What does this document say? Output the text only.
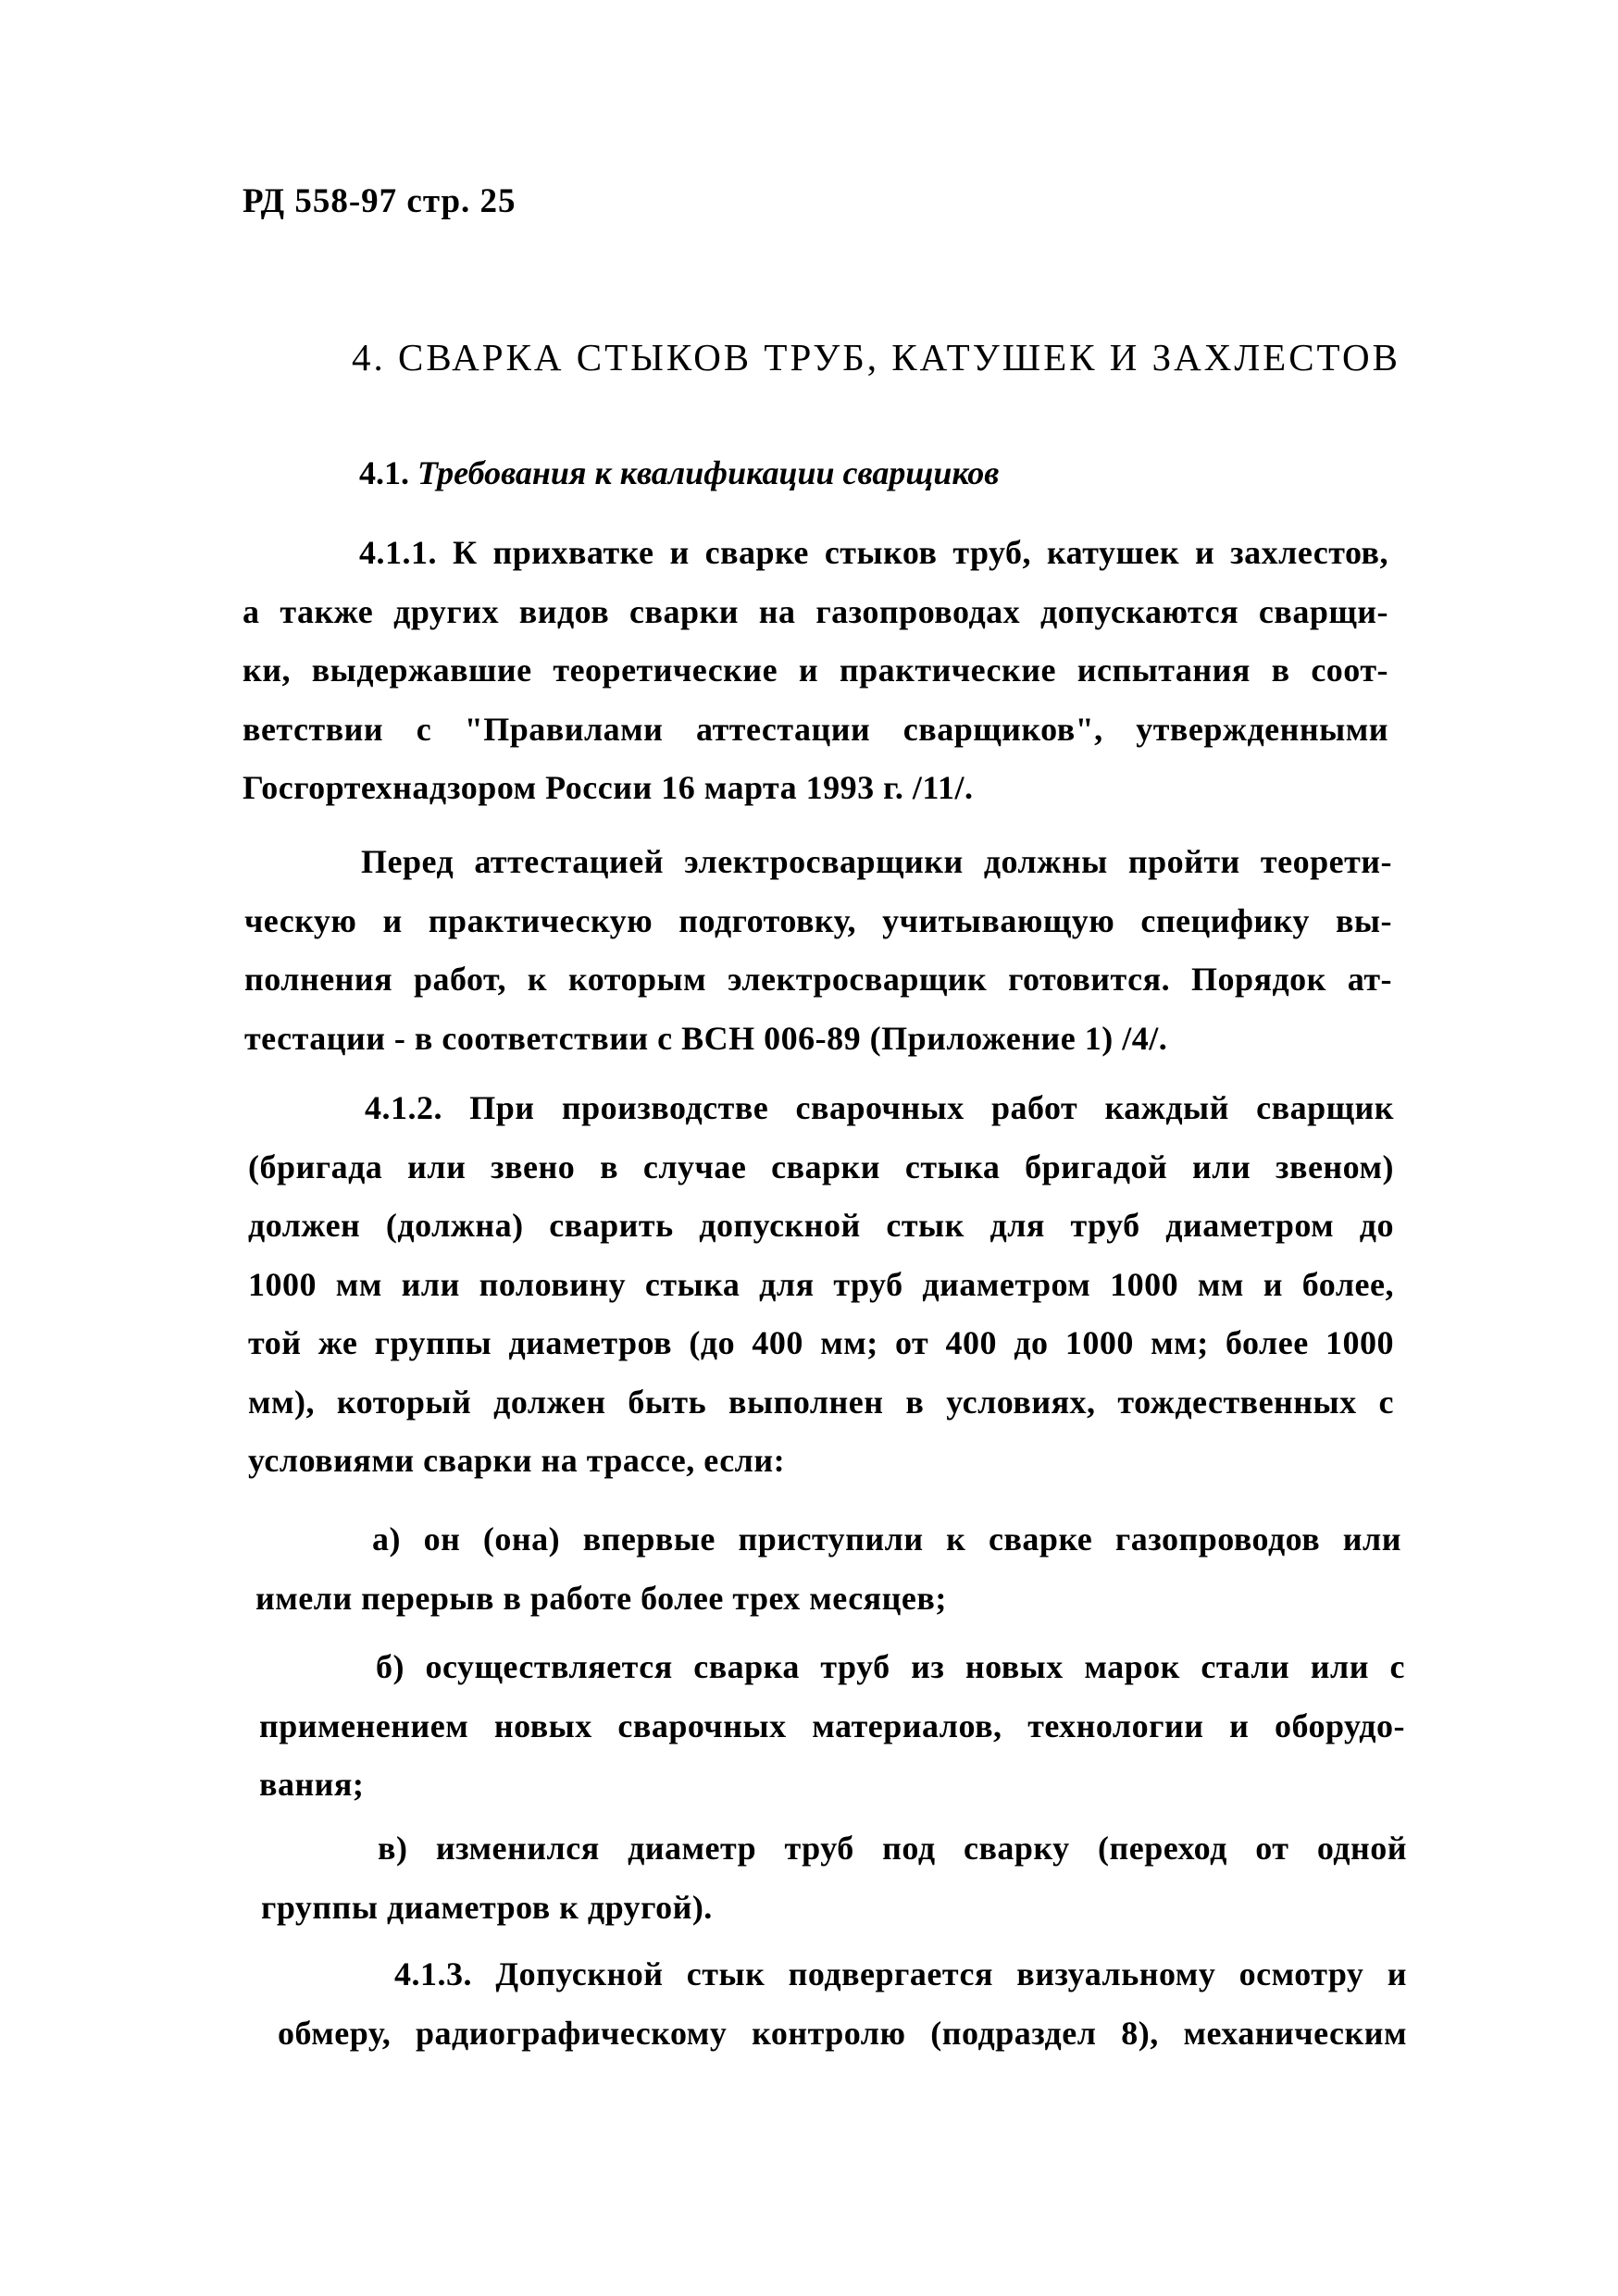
РД 558-97 стр. 25
4. СВАРКА СТЫКОВ ТРУБ, КАТУШЕК И ЗАХЛЕСТОВ
4.1. Требования к квалификации сварщиков
4.1.1. К прихватке и сварке стыков труб, катушек и захлестов,
а также других видов сварки на газопроводах допускаются сварщи-
ки, выдержавшие теоретические и практические испытания в соот-
ветствии с "Правилами аттестации сварщиков", утвержденными
Госгортехнадзором России 16 марта 1993 г. /11/.
Перед аттестацией электросварщики должны пройти теорети-
ческую и практическую подготовку, учитывающую специфику вы-
полнения работ, к которым электросварщик готовится. Порядок ат-
тестации - в соответствии с ВСН 006-89 (Приложение 1) /4/.
4.1.2. При производстве сварочных работ каждый сварщик
(бригада или звено в случае сварки стыка бригадой или звеном)
должен (должна) сварить допускной стык для труб диаметром до
1000 мм или половину стыка для труб диаметром 1000 мм и более,
той же группы диаметров (до 400 мм; от 400 до 1000 мм; более 1000
мм), который должен быть выполнен в условиях, тождественных с
условиями сварки на трассе, если:
а) он (она) впервые приступили к сварке газопроводов или
имели перерыв в работе более трех месяцев;
б) осуществляется сварка труб из новых марок стали или с
применением новых сварочных материалов, технологии и оборудо-
вания;
в) изменился диаметр труб под сварку (переход от одной
группы диаметров к другой).
4.1.3. Допускной стык подвергается визуальному осмотру и
обмеру, радиографическому контролю (подраздел 8), механическим
